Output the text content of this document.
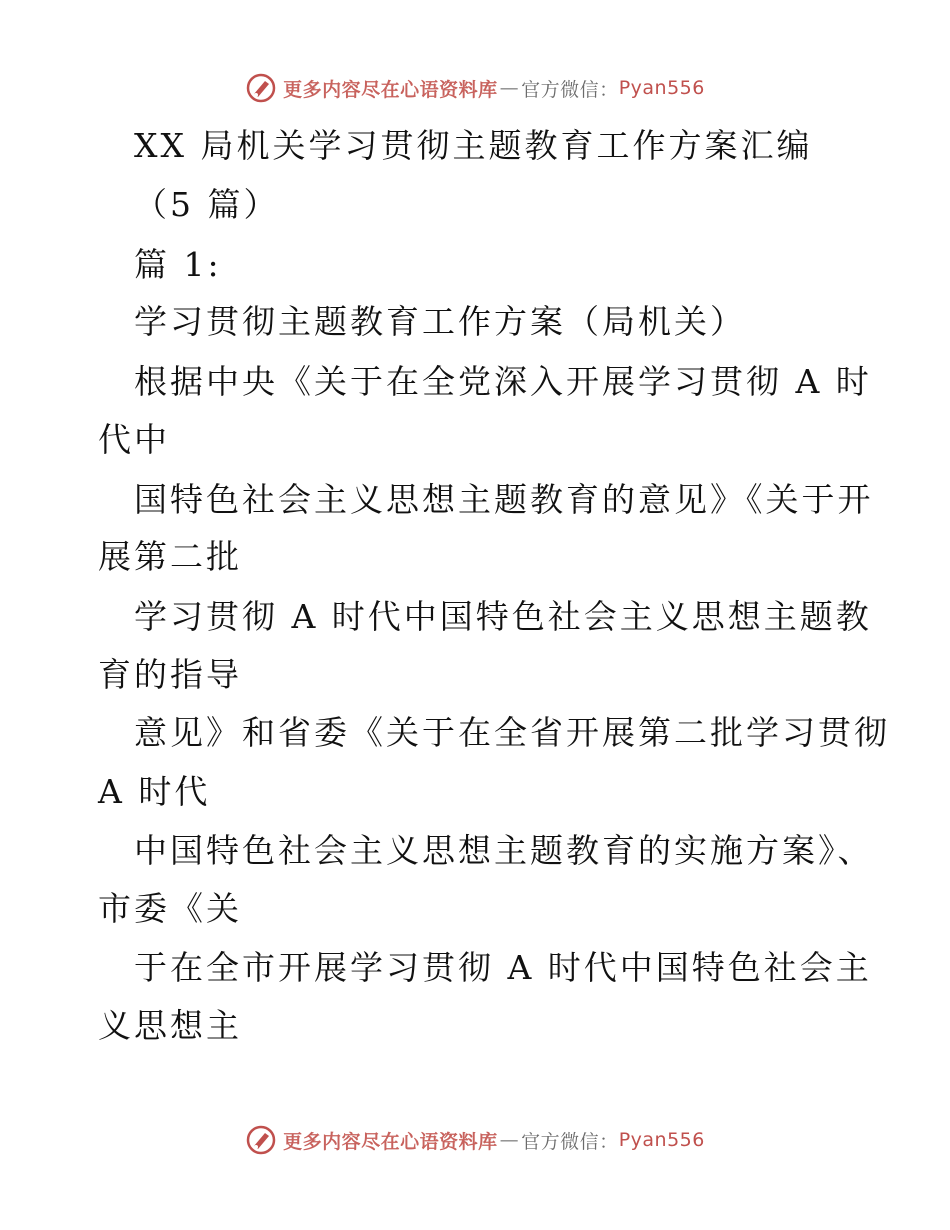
更多内容尽在心语资料库 — 官方微信： Pyan556
XX 局机关学习贯彻主题教育工作方案汇编
（5 篇）
篇 1:
学习贯彻主题教育工作方案（局机关）
根据中央《关于在全党深入开展学习贯彻 A 时
代中
国特色社会主义思想主题教育的意见》《关于开
展第二批
学习贯彻 A 时代中国特色社会主义思想主题教
育的指导
意见》和省委《关于在全省开展第二批学习贯彻
A 时代
中国特色社会主义思想主题教育的实施方案》、
市委《关
于在全市开展学习贯彻 A 时代中国特色社会主
义思想主
更多内容尽在心语资料库 — 官方微信： Pyan556
